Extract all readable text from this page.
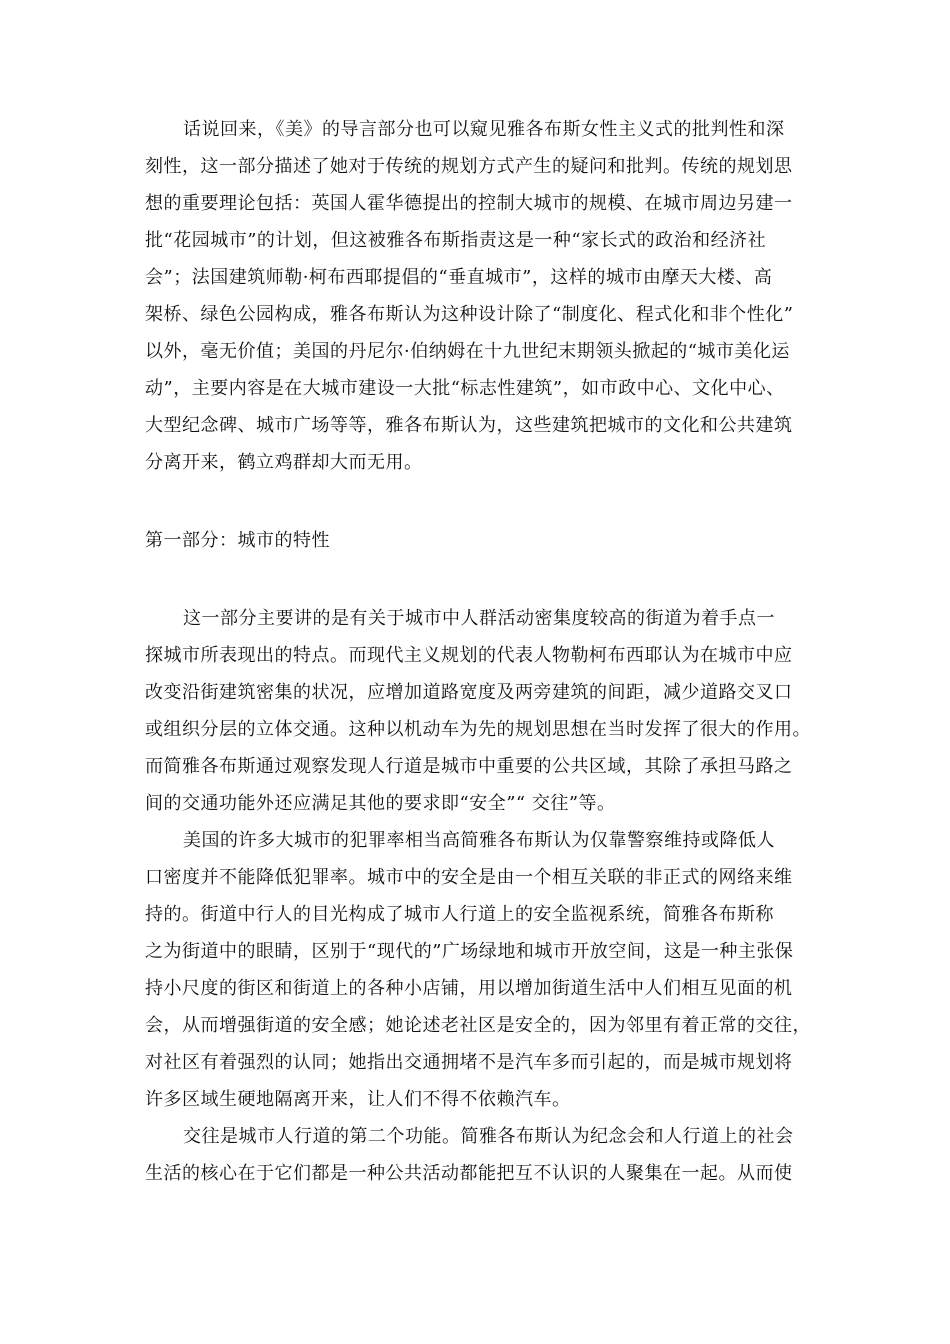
话说回来，《美》的导言部分也可以窥见雅各布斯女性主义式的批判性和深
刻性，这一部分描述了她对于传统的规划方式产生的疑问和批判。传统的规划思
想的重要理论包括：英国人霍华德提出的控制大城市的规模、在城市周边另建一
批“花园城市”的计划，但这被雅各布斯指责这是一种“家长式的政治和经济社
会”；法国建筑师勒·柯布西耶提倡的“垂直城市”，这样的城市由摩天大楼、高
架桥、绿色公园构成，雅各布斯认为这种设计除了“制度化、程式化和非个性化”
以外，毫无价值；美国的丹尼尔·伯纳姆在十九世纪末期领头掀起的“城市美化运
动”，主要内容是在大城市建设一大批“标志性建筑”，如市政中心、文化中心、
大型纪念碑、城市广场等等，雅各布斯认为，这些建筑把城市的文化和公共建筑
分离开来，鹤立鸡群却大而无用。
第一部分：城市的特性
这一部分主要讲的是有关于城市中人群活动密集度较高的街道为着手点一
探城市所表现出的特点。而现代主义规划的代表人物勒柯布西耶认为在城市中应
改变沿街建筑密集的状况，应增加道路宽度及两旁建筑的间距，减少道路交叉口
或组织分层的立体交通。这种以机动车为先的规划思想在当时发挥了很大的作用。
而简雅各布斯通过观察发现人行道是城市中重要的公共区域，其除了承担马路之
间的交通功能外还应满足其他的要求即“安全”“ 交往”等。
美国的许多大城市的犯罪率相当高简雅各布斯认为仅靠警察维持或降低人
口密度并不能降低犯罪率。城市中的安全是由一个相互关联的非正式的网络来维
持的。街道中行人的目光构成了城市人行道上的安全监视系统，简雅各布斯称
之为街道中的眼睛，区别于“现代的”广场绿地和城市开放空间，这是一种主张保
持小尺度的街区和街道上的各种小店铺，用以增加街道生活中人们相互见面的机
会，从而增强街道的安全感；她论述老社区是安全的，因为邻里有着正常的交往，
对社区有着强烈的认同；她指出交通拥堵不是汽车多而引起的，而是城市规划将
许多区域生硬地隔离开来，让人们不得不依赖汽车。
交往是城市人行道的第二个功能。简雅各布斯认为纪念会和人行道上的社会
生活的核心在于它们都是一种公共活动都能把互不认识的人聚集在一起。从而使
